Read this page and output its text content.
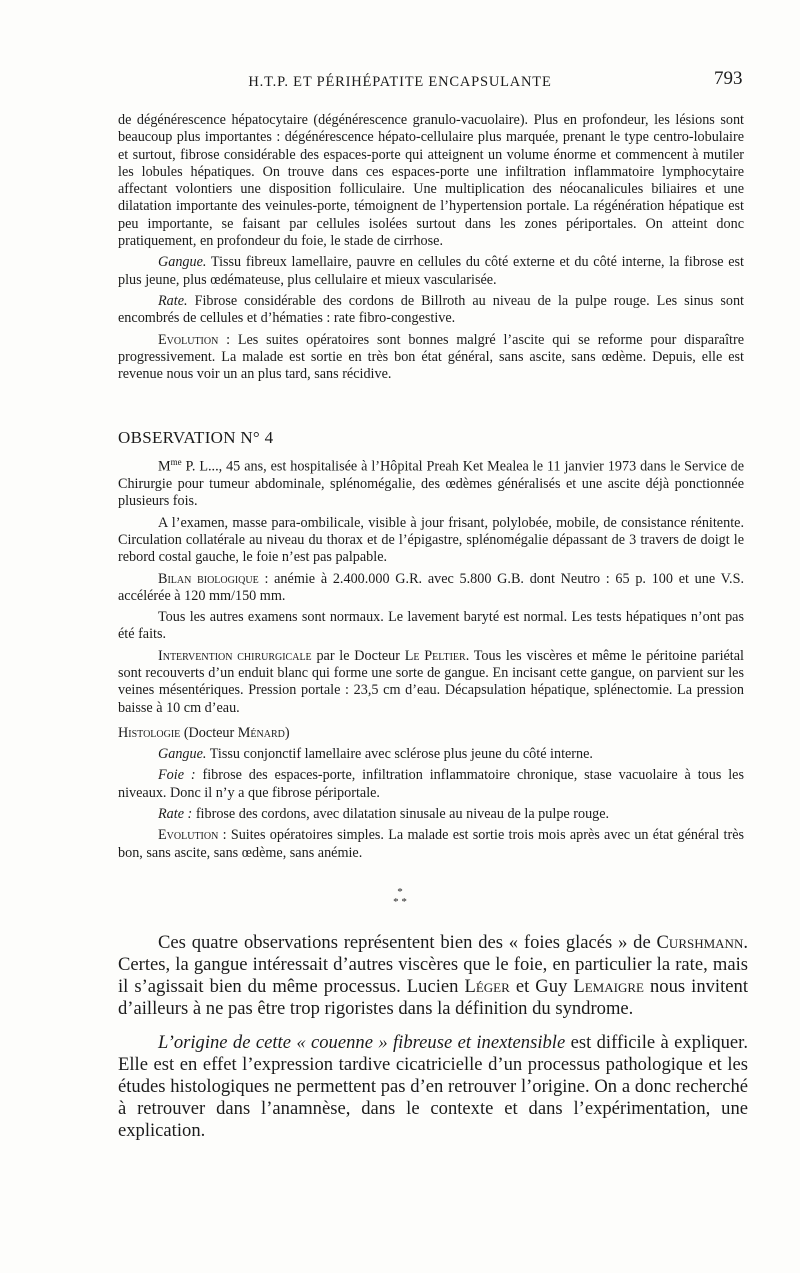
H.T.P. ET PÉRIHÉPATITE ENCAPSULANTE	793

de dégénérescence hépatocytaire (dégénérescence granulo-vacuolaire). Plus en profondeur, les lésions sont beaucoup plus importantes : dégénérescence hépato-cellulaire plus marquée, prenant le type centro-lobulaire et surtout, fibrose considérable des espaces-porte qui atteignent un volume énorme et commencent à mutiler les lobules hépatiques. On trouve dans ces espaces-porte une infiltration inflammatoire lymphocytaire affectant volontiers une disposition folliculaire. Une multiplication des néocanalicules biliaires et une dilatation importante des veinules-porte, témoignent de l’hypertension portale. La régénération hépatique est peu importante, se faisant par cellules isolées surtout dans les zones périportales. On atteint donc pratiquement, en profondeur du foie, le stade de cirrhose.

Gangue. Tissu fibreux lamellaire, pauvre en cellules du côté externe et du côté interne, la fibrose est plus jeune, plus œdémateuse, plus cellulaire et mieux vascularisée.

Rate. Fibrose considérable des cordons de Billroth au niveau de la pulpe rouge. Les sinus sont encombrés de cellules et d’hématies : rate fibro-congestive.

Evolution : Les suites opératoires sont bonnes malgré l’ascite qui se reforme pour disparaître progressivement. La malade est sortie en très bon état général, sans ascite, sans œdème. Depuis, elle est revenue nous voir un an plus tard, sans récidive.

OBSERVATION N° 4

$M^{me}$ P. L..., 45 ans, est hospitalisée à l’Hôpital Preah Ket Mealea le 11 janvier 1973 dans le Service de Chirurgie pour tumeur abdominale, splénomégalie, des œdèmes généralisés et une ascite déjà ponctionnée plusieurs fois.

A l’examen, masse para-ombilicale, visible à jour frisant, polylobée, mobile, de consistance rénitente. Circulation collatérale au niveau du thorax et de l’épigastre, splénomégalie dépassant de 3 travers de doigt le rebord costal gauche, le foie n’est pas palpable.

Bilan biologique : anémie à 2.400.000 G.R. avec 5.800 G.B. dont Neutro : 65 p. 100 et une V.S. accélérée à 120 mm/150 mm.

Tous les autres examens sont normaux. Le lavement baryté est normal. Les tests hépatiques n’ont pas été faits.

Intervention chirurgicale par le Docteur Le Peltier. Tous les viscères et même le péritoine pariétal sont recouverts d’un enduit blanc qui forme une sorte de gangue. En incisant cette gangue, on parvient sur les veines mésentériques. Pression portale : 23,5 cm d’eau. Décapsulation hépatique, splénectomie. La pression baisse à 10 cm d’eau.

Histologie (Docteur Ménard)

Gangue. Tissu conjonctif lamellaire avec sclérose plus jeune du côté interne.

Foie : fibrose des espaces-porte, infiltration inflammatoire chronique, stase vacuolaire à tous les niveaux. Donc il n’y a que fibrose périportale.

Rate : fibrose des cordons, avec dilatation sinusale au niveau de la pulpe rouge.

Evolution : Suites opératoires simples. La malade est sortie trois mois après avec un état général très bon, sans ascite, sans œdème, sans anémie.

*
* *

Ces quatre observations représentent bien des « foies glacés » de Curshmann. Certes, la gangue intéressait d’autres viscères que le foie, en particulier la rate, mais il s’agissait bien du même processus. Lucien Léger et Guy Lemaigre nous invitent d’ailleurs à ne pas être trop rigoristes dans la définition du syndrome.

L’origine de cette « couenne » fibreuse et inextensible est difficile à expliquer. Elle est en effet l’expression tardive cicatricielle d’un processus pathologique et les études histologiques ne permettent pas d’en retrouver l’origine. On a donc recherché à retrouver dans l’anamnèse, dans le contexte et dans l’expérimentation, une explication.
